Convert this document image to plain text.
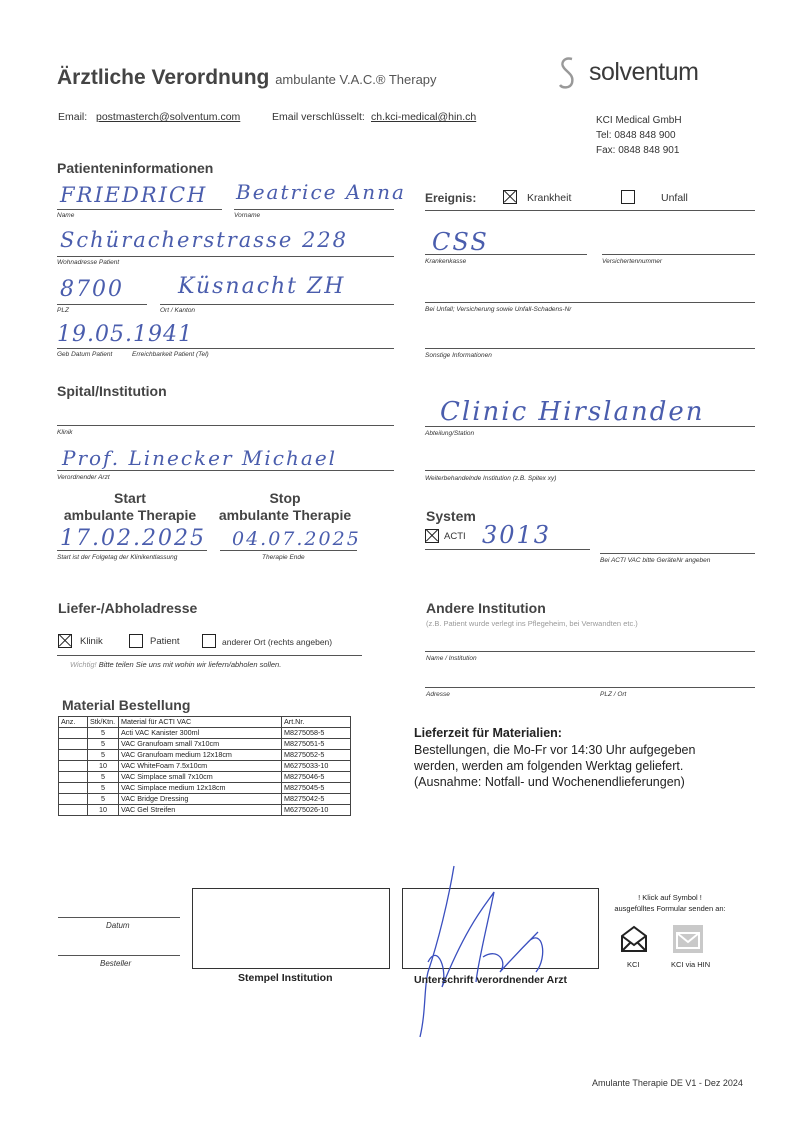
Ärztliche Verordnung ambulante V.A.C.® Therapy	solventum
Email: postmasterch@solventum.com	Email verschlüsselt: ch.kci-medical@hin.ch	KCI Medical GmbH
Tel: 0848 848 900
Fax: 0848 848 901
Patienteninformationen
FRIEDRICH
Name
Beatrice Anna
Vorname
Schüracherstrasse 228
Wohnadresse Patient
8700
PLZ
Küsnacht ZH
Ort / Kanton
19.05.1941
Geb Datum Patient	Erreichbarkeit Patient (Tel)
Ereignis:	Krankheit	Unfall
CSS
Krankenkasse	Versichertennummer
Bei Unfall; Versicherung sowie Unfall-Schadens-Nr
Sonstige Informationen
Spital/Institution
Klinik
Clinic Hirslanden
Abteilung/Station
Prof. Linecker Michael
Verordnender Arzt	Weiterbehandelnde Institution (z.B. Spitex xy)
Start
ambulante Therapie
Stop
ambulante Therapie
17.02.2025
Start ist der Folgetag der Klinikentlassung
04.07.2025
Therapie Ende
System
ACTI 3013
Bei ACTI VAC bitte GeräteNr angeben
Liefer-/Abholadresse
Klinik	Patient	anderer Ort (rechts angeben)
Wichtig! Bitte teilen Sie uns mit wohin wir liefern/abholen sollen.
Andere Institution
(z.B. Patient wurde verlegt ins Pflegeheim, bei Verwandten etc.)
Name / Institution
Adresse	PLZ / Ort
Material Bestellung
Anz.	Stk/Ktn.	Material für ACTI VAC	Art.Nr.
	5	Acti VAC Kanister 300ml	M8275058-5
	5	VAC Granufoam small 7x10cm	M8275051-5
	5	VAC Granufoam medium 12x18cm	M8275052-5
	10	VAC WhiteFoam 7.5x10cm	M6275033-10
	5	VAC Simplace small 7x10cm	M8275046-5
	5	VAC Simplace medium 12x18cm	M8275045-5
	5	VAC Bridge Dressing	M8275042-5
	10	VAC Gel Streifen	M6275026-10
Lieferzeit für Materialien:
Bestellungen, die Mo-Fr vor 14:30 Uhr aufgegeben
werden, werden am folgenden Werktag geliefert.
(Ausnahme: Notfall- und Wochenendlieferungen)
Datum
Besteller
Stempel Institution	Unterschrift verordnender Arzt
! Klick auf Symbol !
ausgefülltes Formular senden an:
KCI	KCI via HIN
Amulante Therapie DE V1 - Dez 2024
